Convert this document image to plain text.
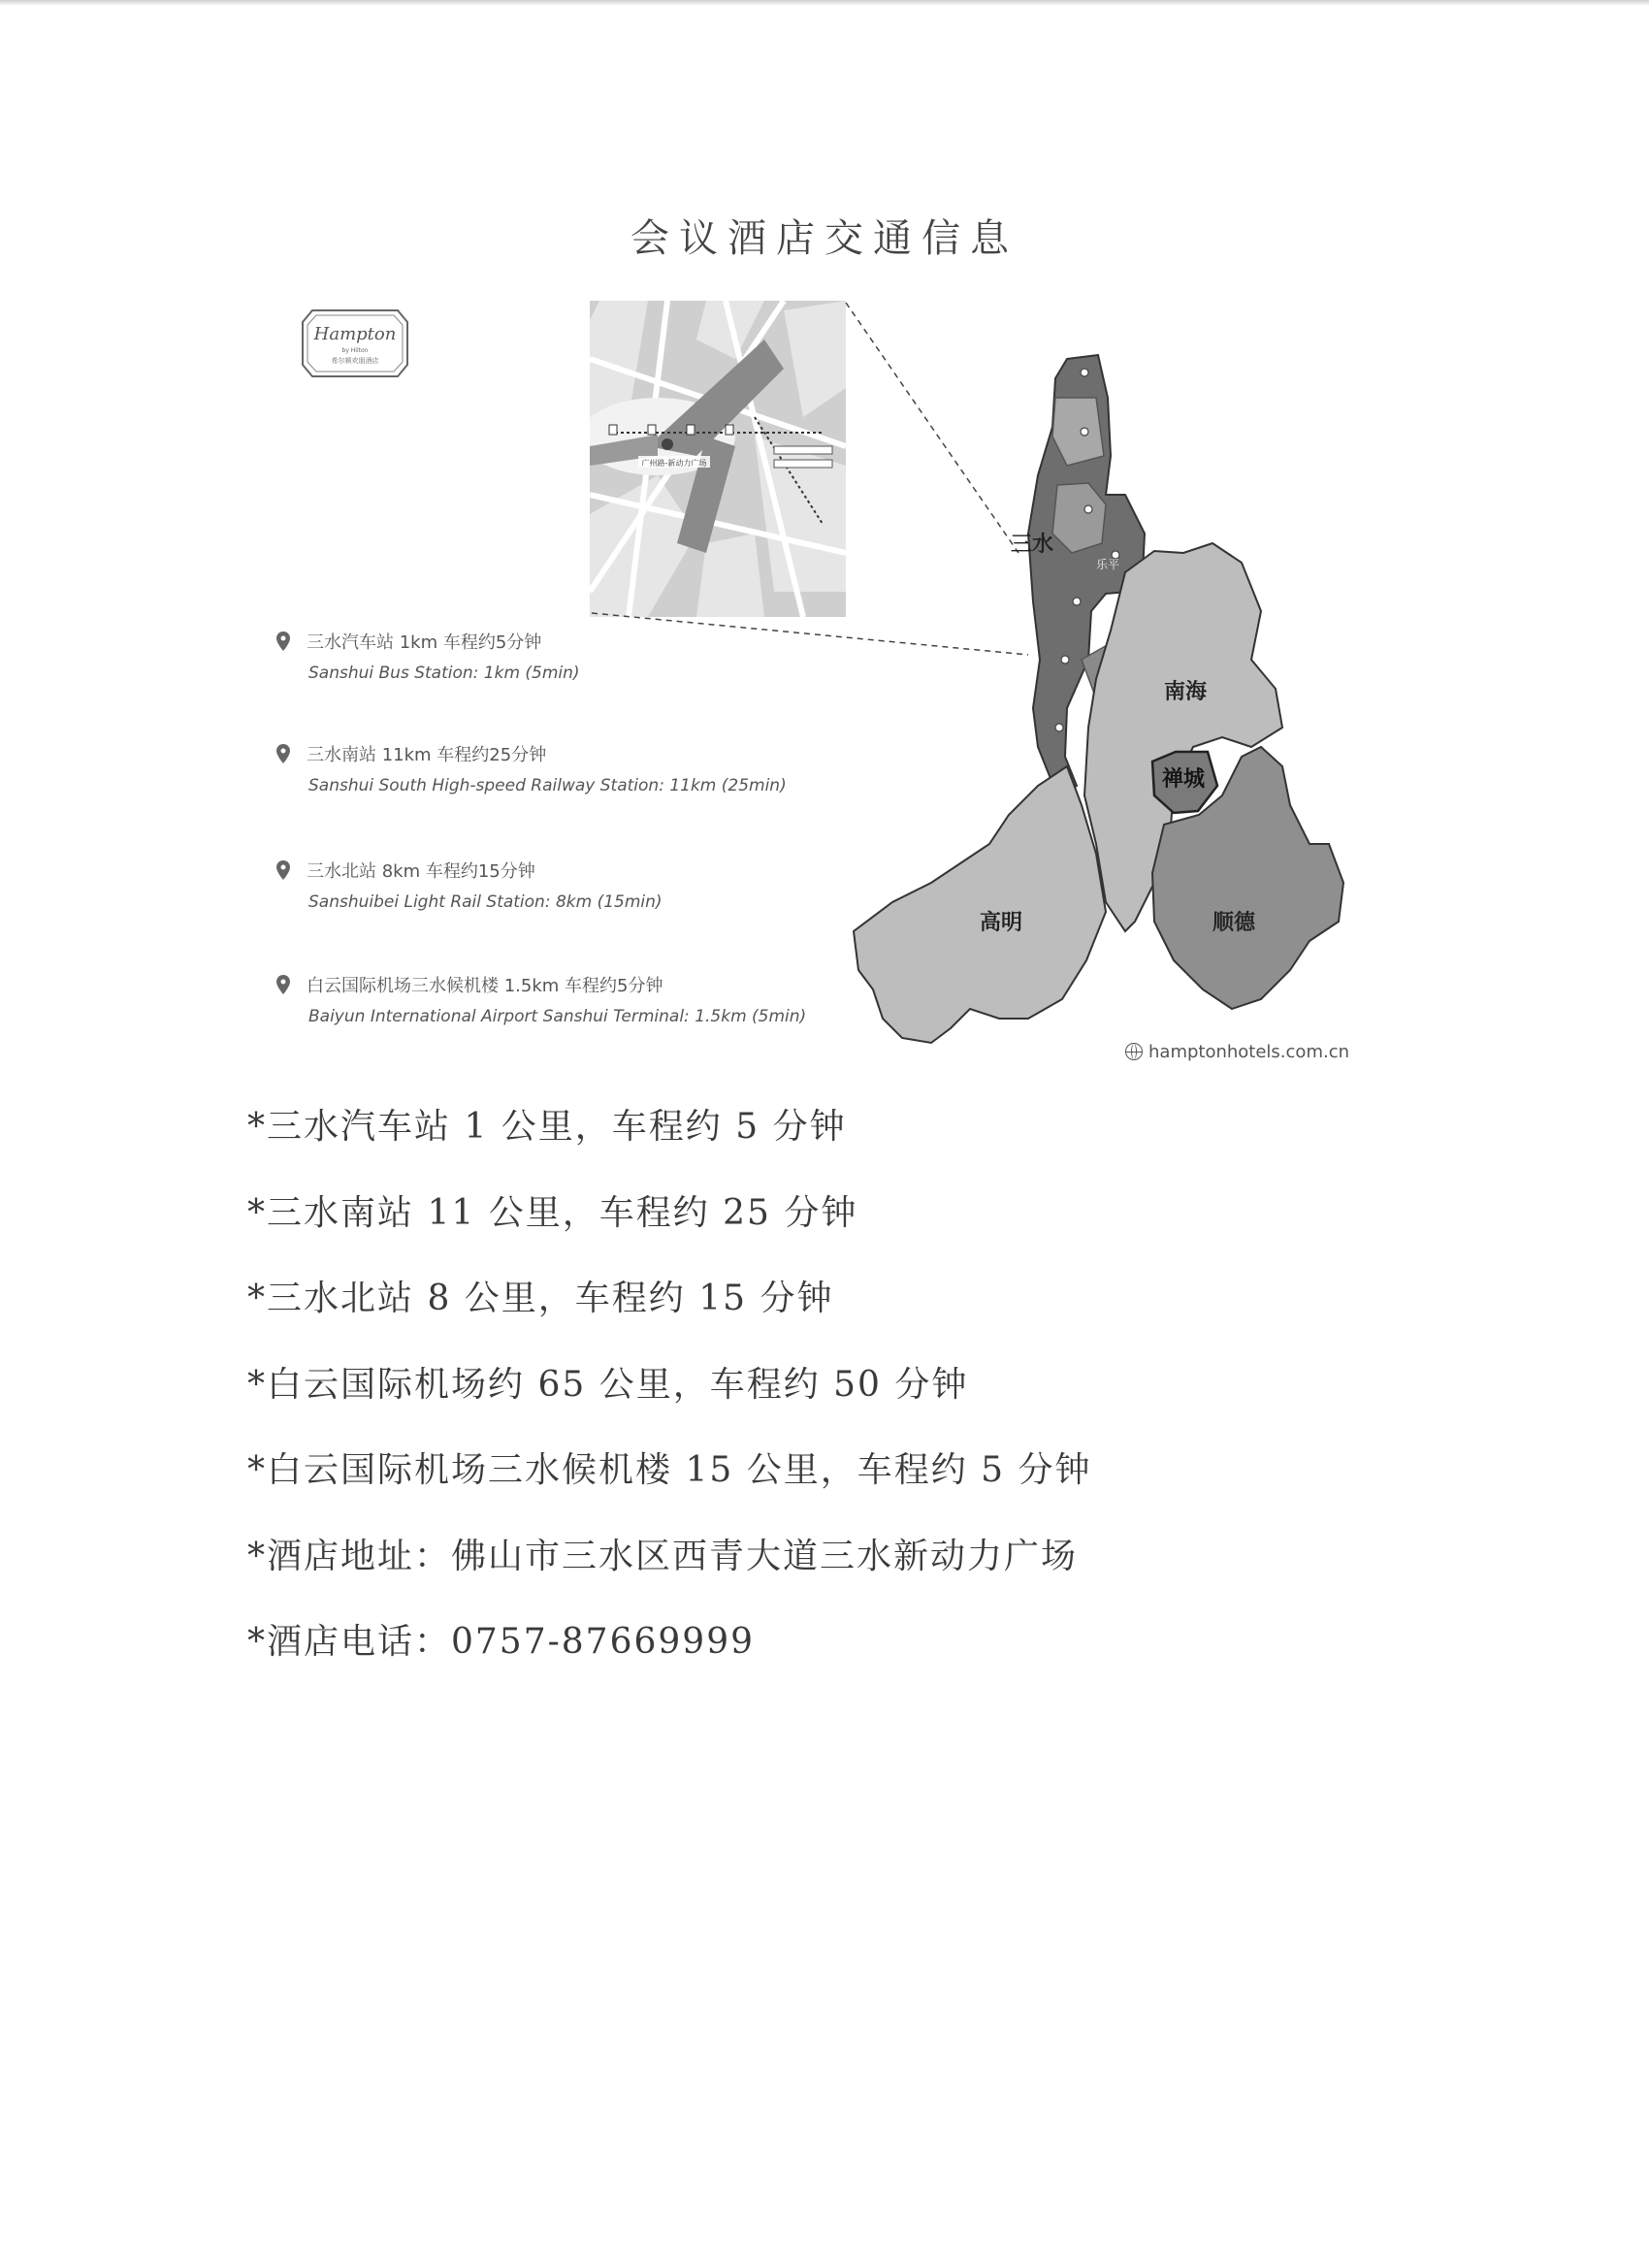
会议酒店交通信息
Hampton
by Hilton
希尔顿欢朋酒店
广州路-新动力广场
三水
南海
禅城
高明	顺德
乐平
三水汽车站 1km 车程约5分钟
Sanshui Bus Station: 1km (5min)
三水南站 11km 车程约25分钟
Sanshui South High-speed Railway Station: 11km (25min)
三水北站 8km 车程约15分钟
Sanshuibei Light Rail Station: 8km (15min)
白云国际机场三水候机楼 1.5km 车程约5分钟
Baiyun International Airport Sanshui Terminal: 1.5km (5min)
hamptonhotels.com.cn
*三水汽车站 1 公里，车程约 5 分钟
*三水南站 11 公里，车程约 25 分钟
*三水北站 8 公里，车程约 15 分钟
*白云国际机场约 65 公里，车程约 50 分钟
*白云国际机场三水候机楼 15 公里，车程约 5 分钟
*酒店地址：佛山市三水区西青大道三水新动力广场
*酒店电话：0757-87669999
